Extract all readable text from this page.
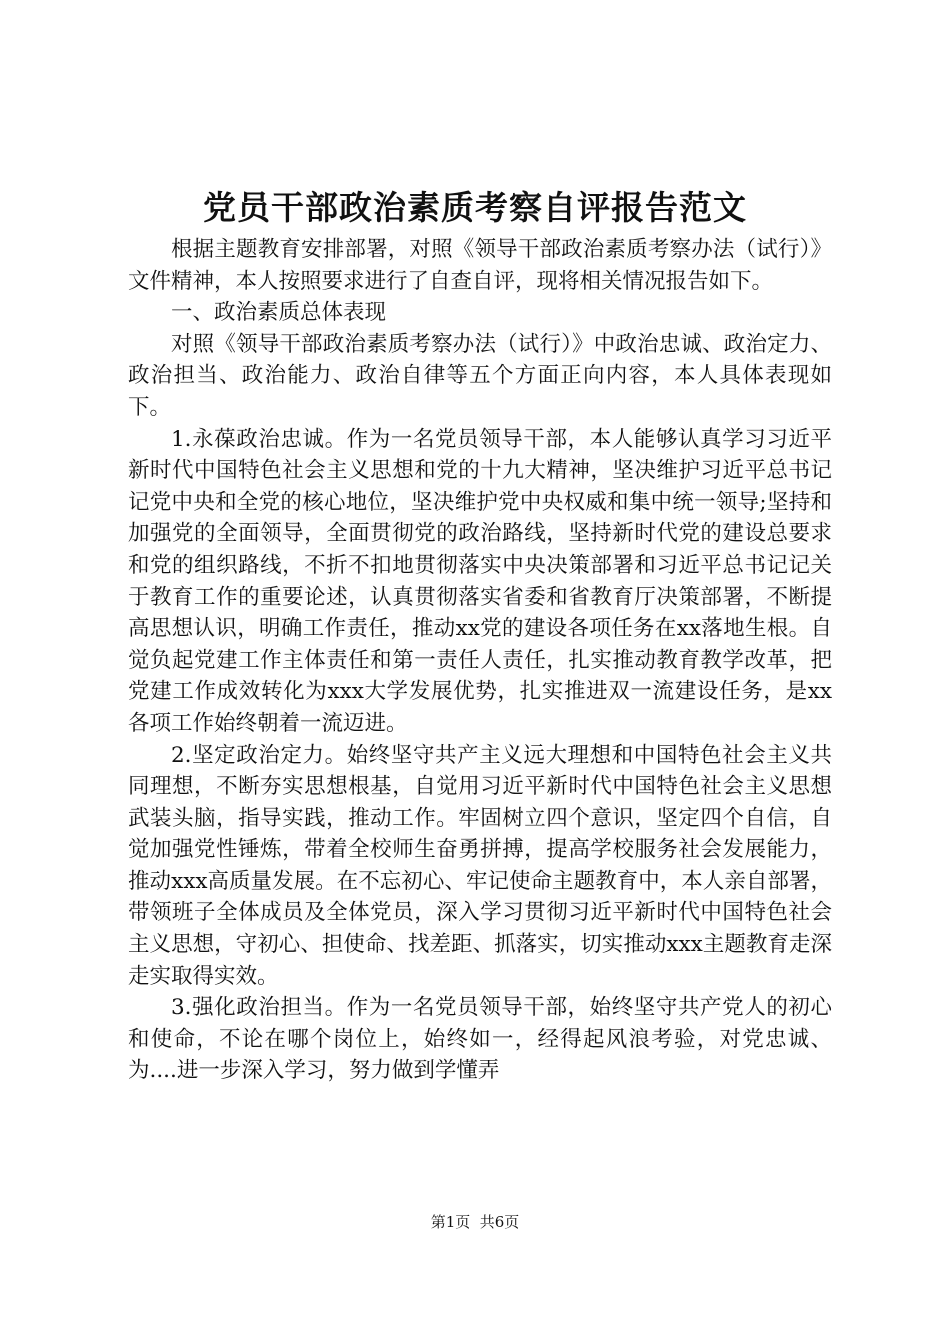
党员干部政治素质考察自评报告范文

根据主题教育安排部署，对照《领导干部政治素质考察办法（试行）》文件精神，本人按照要求进行了自查自评，现将相关情况报告如下。

一、政治素质总体表现

对照《领导干部政治素质考察办法（试行）》中政治忠诚、政治定力、政治担当、政治能力、政治自律等五个方面正向内容，本人具体表现如下。

1.永葆政治忠诚。作为一名党员领导干部，本人能够认真学习习近平新时代中国特色社会主义思想和党的十九大精神，坚决维护习近平总书记记党中央和全党的核心地位，坚决维护党中央权威和集中统一领导;坚持和加强党的全面领导，全面贯彻党的政治路线，坚持新时代党的建设总要求和党的组织路线，不折不扣地贯彻落实中央决策部署和习近平总书记记关于教育工作的重要论述，认真贯彻落实省委和省教育厅决策部署，不断提高思想认识，明确工作责任，推动xx党的建设各项任务在xx落地生根。自觉负起党建工作主体责任和第一责任人责任，扎实推动教育教学改革，把党建工作成效转化为xxx大学发展优势，扎实推进双一流建设任务，是xx各项工作始终朝着一流迈进。

2.坚定政治定力。始终坚守共产主义远大理想和中国特色社会主义共同理想，不断夯实思想根基，自觉用习近平新时代中国特色社会主义思想武装头脑，指导实践，推动工作。牢固树立四个意识，坚定四个自信，自觉加强党性锤炼，带着全校师生奋勇拼搏，提高学校服务社会发展能力，推动xxx高质量发展。在不忘初心、牢记使命主题教育中，本人亲自部署，带领班子全体成员及全体党员，深入学习贯彻习近平新时代中国特色社会主义思想，守初心、担使命、找差距、抓落实，切实推动xxx主题教育走深走实取得实效。

3.强化政治担当。作为一名党员领导干部，始终坚守共产党人的初心和使命，不论在哪个岗位上，始终如一，经得起风浪考验，对党忠诚、为....进一步深入学习，努力做到学懂弄

第1页  共6页
